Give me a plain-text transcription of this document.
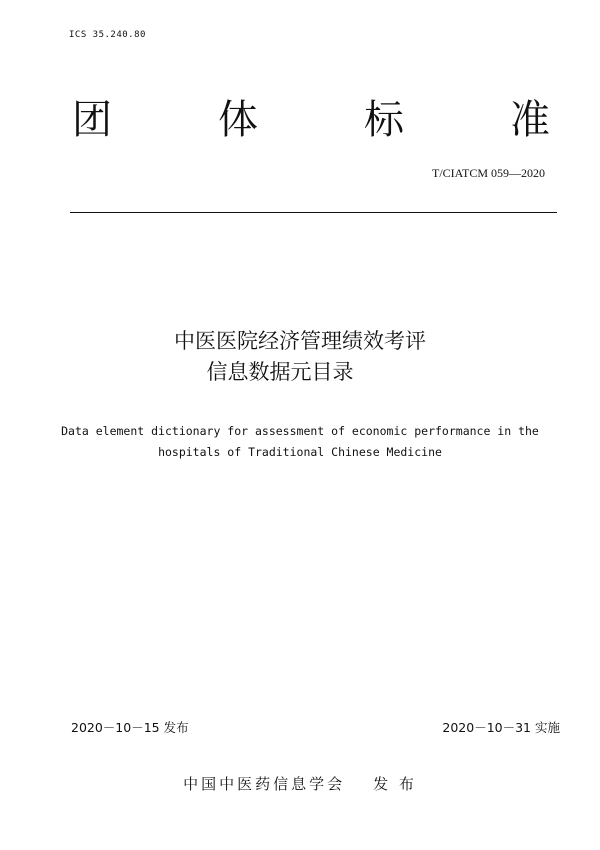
ICS 35.240.80
团	体	标	准
T/CIATCM 059—2020
中医医院经济管理绩效考评
信息数据元目录
Data element dictionary for assessment of economic performance in the
hospitals of Traditional Chinese Medicine
2020－10－15 发布	2020－10－31 实施
中国中医药信息学会 发 布
